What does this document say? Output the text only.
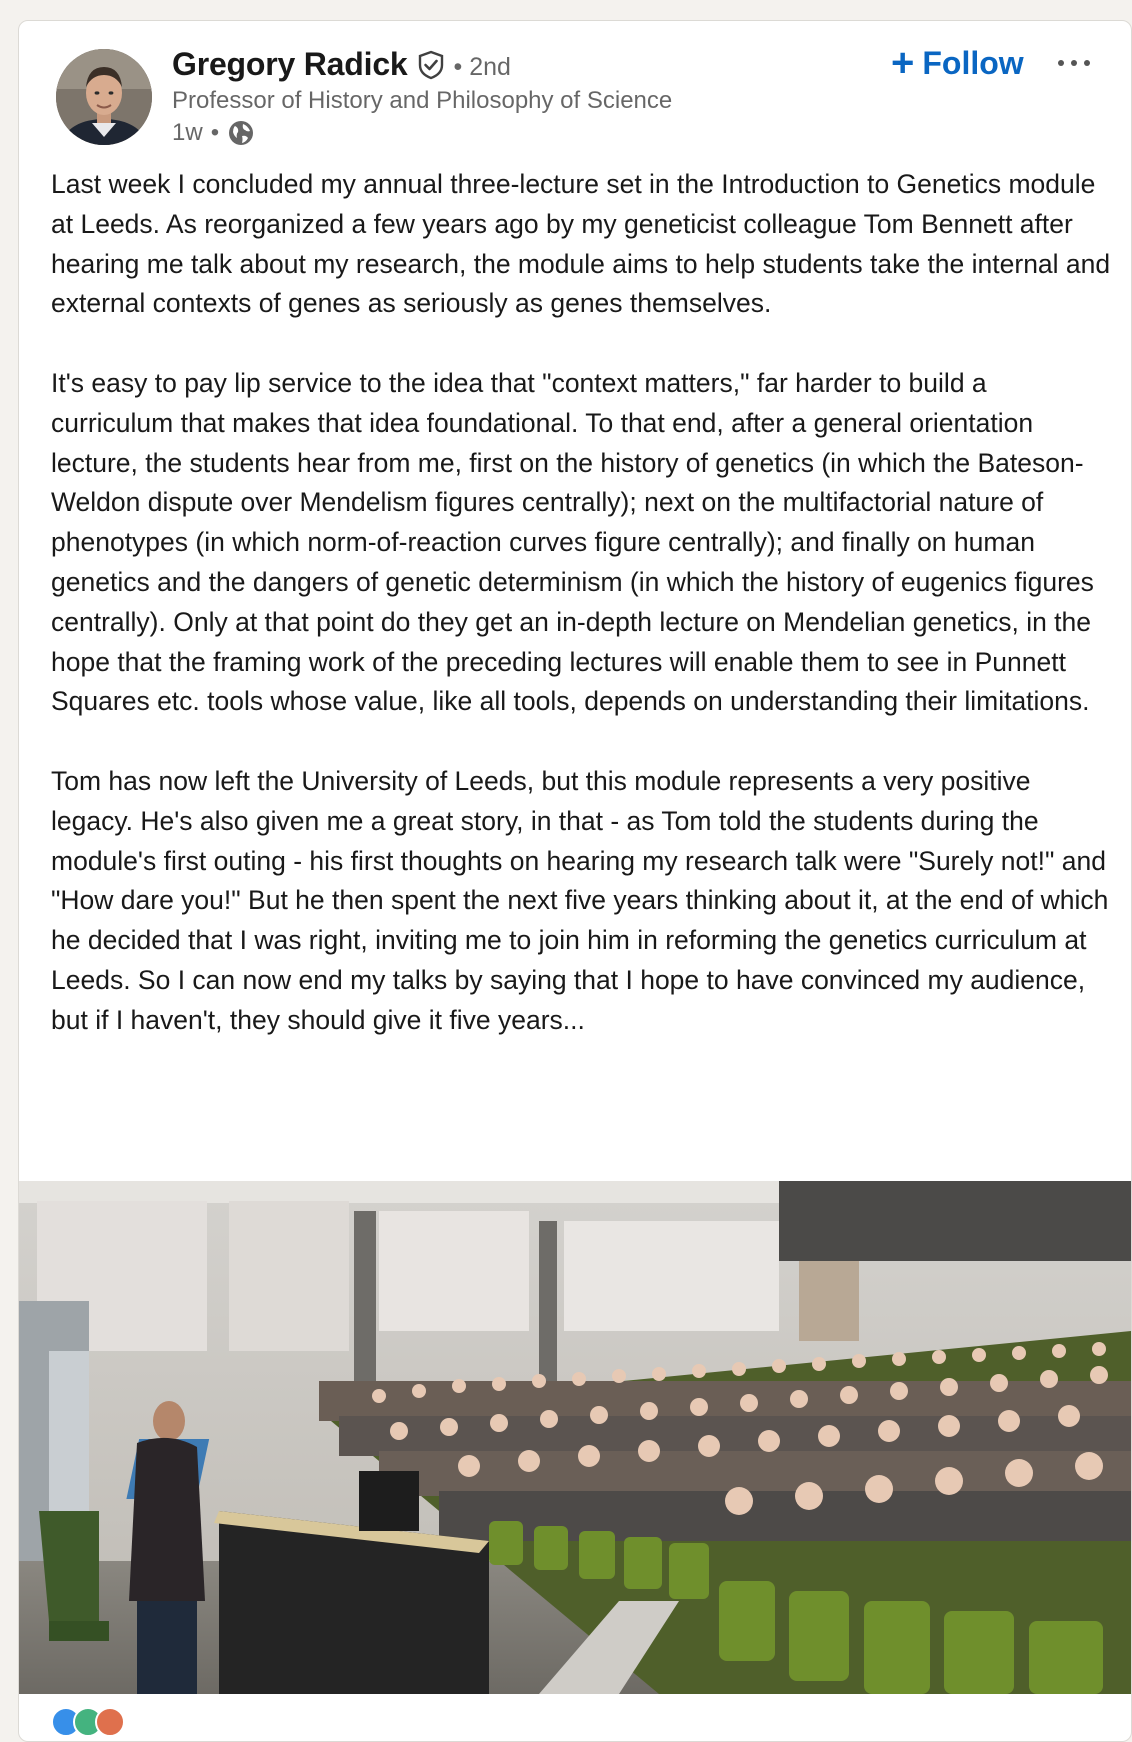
Gregory Radick • 2nd
Professor of History and Philosophy of Science
1w •
+ Follow

Last week I concluded my annual three-lecture set in the Introduction to Genetics module at Leeds. As reorganized a few years ago by my geneticist colleague Tom Bennett after hearing me talk about my research, the module aims to help students take the internal and external contexts of genes as seriously as genes themselves.

It's easy to pay lip service to the idea that "context matters," far harder to build a curriculum that makes that idea foundational. To that end, after a general orientation lecture, the students hear from me, first on the history of genetics (in which the Bateson-Weldon dispute over Mendelism figures centrally); next on the multifactorial nature of phenotypes (in which norm-of-reaction curves figure centrally); and finally on human genetics and the dangers of genetic determinism (in which the history of eugenics figures centrally). Only at that point do they get an in-depth lecture on Mendelian genetics, in the hope that the framing work of the preceding lectures will enable them to see in Punnett Squares etc. tools whose value, like all tools, depends on understanding their limitations.

Tom has now left the University of Leeds, but this module represents a very positive legacy. He's also given me a great story, in that - as Tom told the students during the module's first outing - his first thoughts on hearing my research talk were "Surely not!" and "How dare you!" But he then spent the next five years thinking about it, at the end of which he decided that I was right, inviting me to join him in reforming the genetics curriculum at Leeds. So I can now end my talks by saying that I hope to have convinced my audience, but if I haven't, they should give it five years...
